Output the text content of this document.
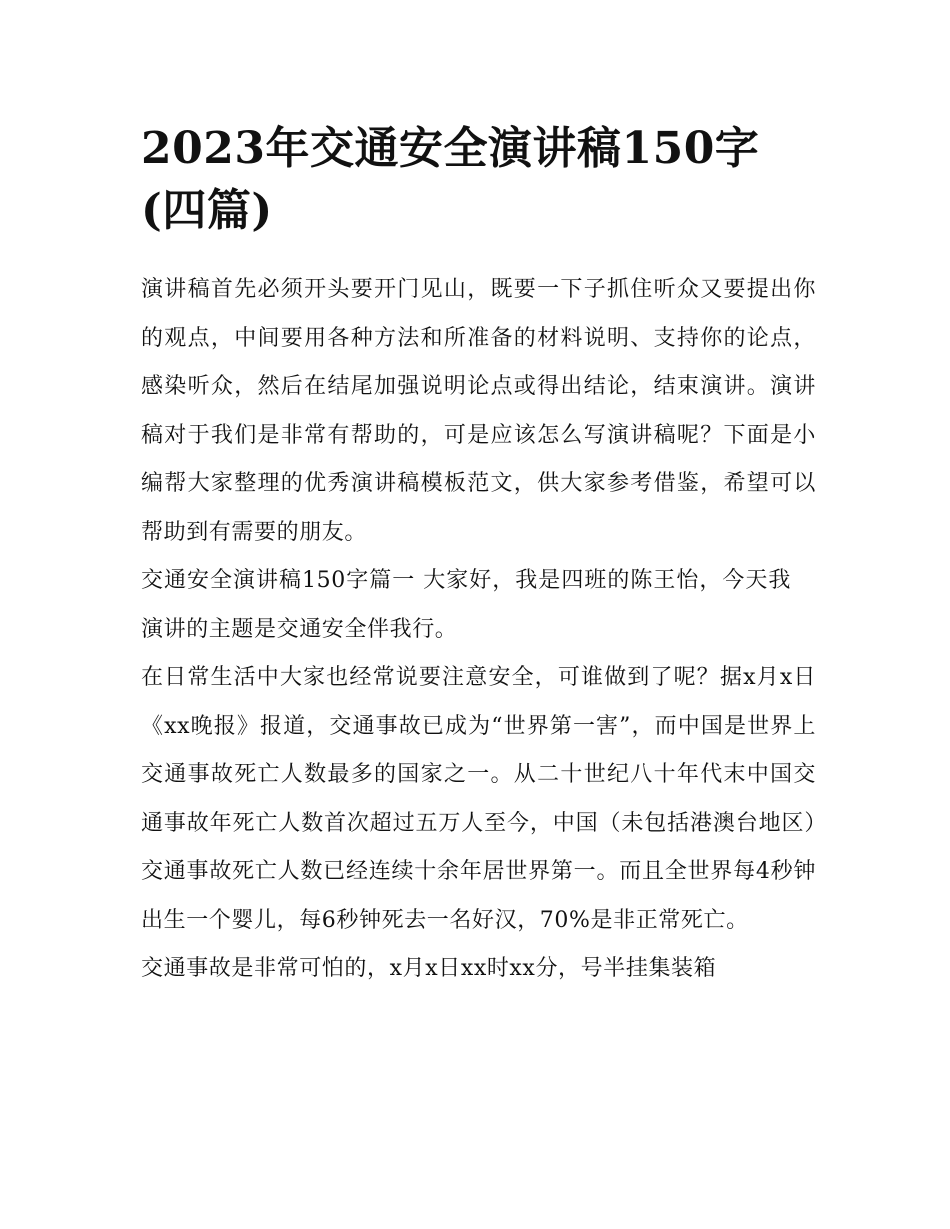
2023年交通安全演讲稿150字(四篇)

演讲稿首先必须开头要开门见山，既要一下子抓住听众又要提出你的观点，中间要用各种方法和所准备的材料说明、支持你的论点，感染听众，然后在结尾加强说明论点或得出结论，结束演讲。演讲稿对于我们是非常有帮助的，可是应该怎么写演讲稿呢？下面是小编帮大家整理的优秀演讲稿模板范文，供大家参考借鉴，希望可以帮助到有需要的朋友。

交通安全演讲稿150字篇一 大家好，我是四班的陈王怡，今天我演讲的主题是交通安全伴我行。

在日常生活中大家也经常说要注意安全，可谁做到了呢？据x月x日《xx晚报》报道，交通事故已成为“世界第一害”，而中国是世界上交通事故死亡人数最多的国家之一。从二十世纪八十年代末中国交通事故年死亡人数首次超过五万人至今，中国（未包括港澳台地区）交通事故死亡人数已经连续十余年居世界第一。而且全世界每4秒钟出生一个婴儿，每6秒钟死去一名好汉，70%是非正常死亡。

交通事故是非常可怕的，x月x日xx时xx分，号半挂集装箱
